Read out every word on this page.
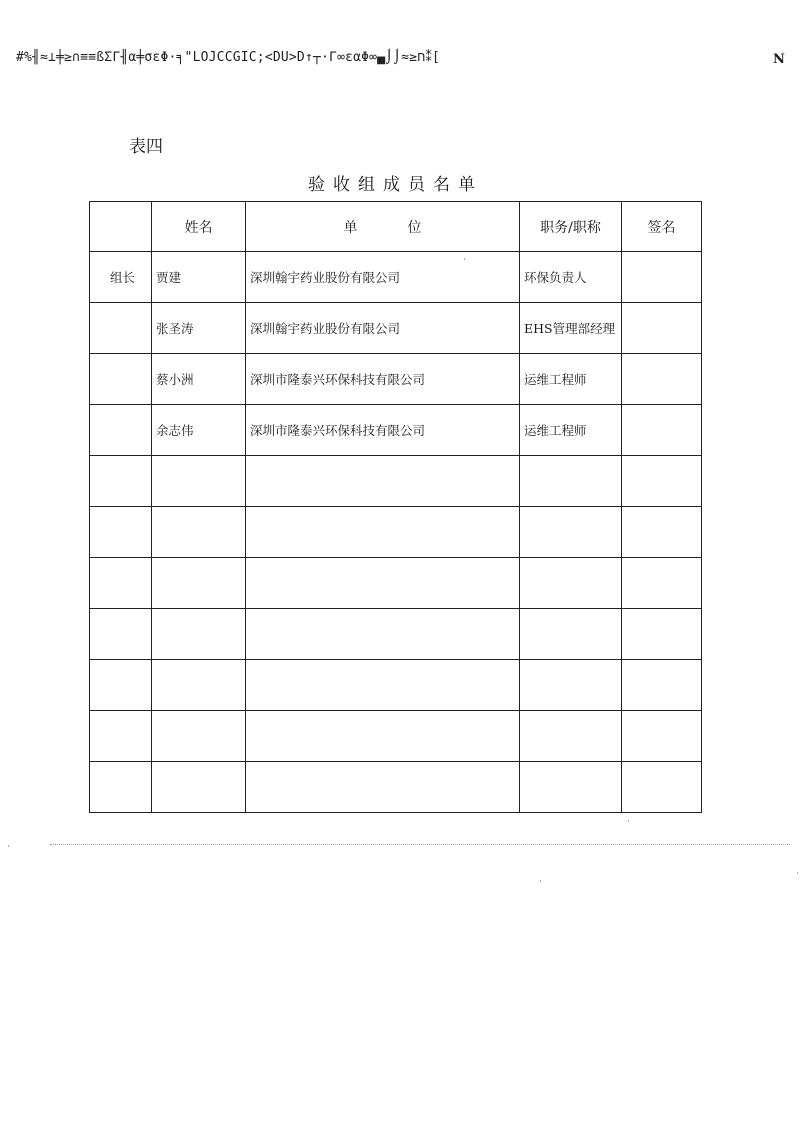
#%╢≈⊥╪≥∩≡≡ßΣΓ╢α╪σεΦ·╕"LOJCCGIC;<DU>D↑┬·Γ∞εαΦ∞▄⌡⌡≈≥ח⁑[	N
表四
验收组成员名单
	姓名	单位	职务/职称	签名
组长	贾建	深圳翰宇药业股份有限公司	环保负责人	
	张圣涛	深圳翰宇药业股份有限公司	EHS管理部经理	
	蔡小洲	深圳市隆泰兴环保科技有限公司	运维工程师	
	余志伟	深圳市隆泰兴环保科技有限公司	运维工程师	
